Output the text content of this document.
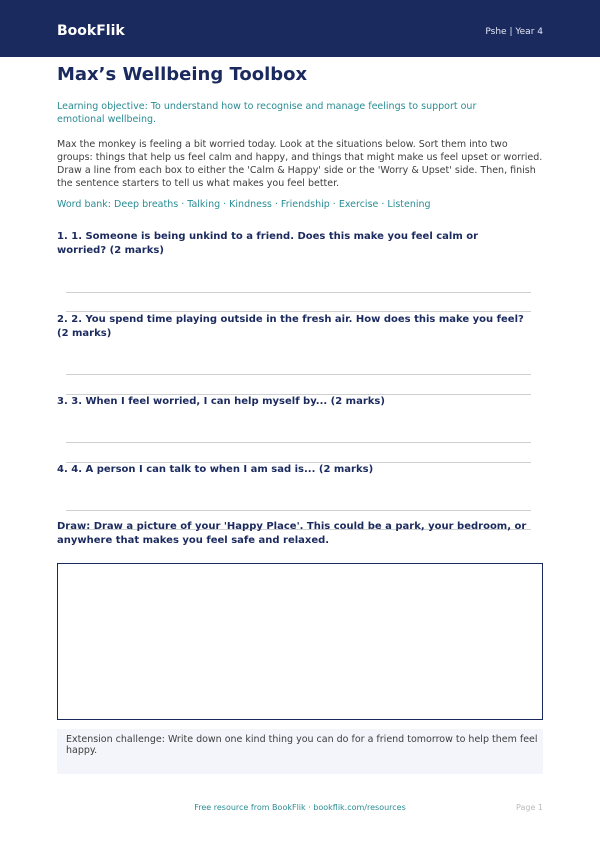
BookFlik	Pshe | Year 4
Max’s Wellbeing Toolbox
Learning objective: To understand how to recognise and manage feelings to support our emotional wellbeing.
Max the monkey is feeling a bit worried today. Look at the situations below. Sort them into two groups: things that help us feel calm and happy, and things that might make us feel upset or worried. Draw a line from each box to either the 'Calm & Happy' side or the 'Worry & Upset' side. Then, finish the sentence starters to tell us what makes you feel better.
Word bank: Deep breaths · Talking · Kindness · Friendship · Exercise · Listening
1. 1. Someone is being unkind to a friend. Does this make you feel calm or worried? (2 marks)
2. 2. You spend time playing outside in the fresh air. How does this make you feel? (2 marks)
3. 3. When I feel worried, I can help myself by... (2 marks)
4. 4. A person I can talk to when I am sad is... (2 marks)
Draw: Draw a picture of your 'Happy Place'. This could be a park, your bedroom, or anywhere that makes you feel safe and relaxed.
Extension challenge: Write down one kind thing you can do for a friend tomorrow to help them feel happy.
Free resource from BookFlik · bookflik.com/resources	Page 1
